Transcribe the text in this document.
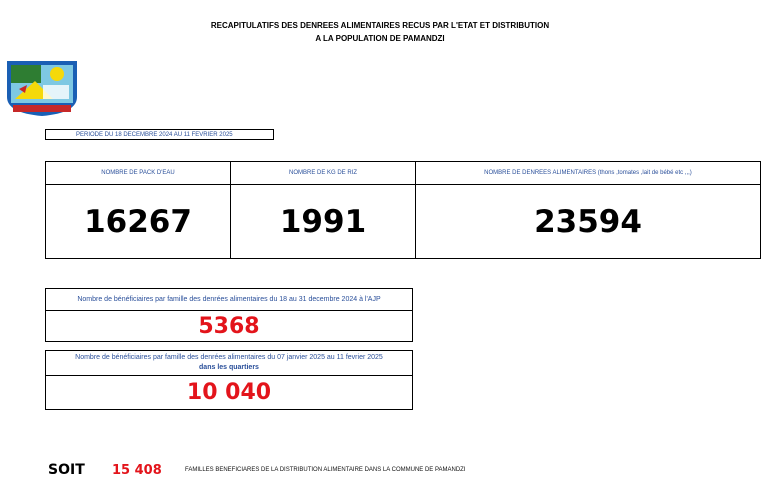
RECAPITULATIFS DES DENREES ALIMENTAIRES RECUS PAR L'ETAT ET DISTRIBUTION
A LA POPULATION DE PAMANDZI
PERIODE DU 18 DECEMBRE 2024 AU 11 FEVRIER 2025
NOMBRE DE PACK D'EAU	NOMBRE DE KG DE RIZ	NOMBRE DE DENREES ALIMENTAIRES (thons ,tomates ,lait de bébé etc ,,,)
16267	1991	23594
Nombre de bénéficiaires par famille des denrées alimentaires du 18 au 31 decembre 2024 à l'AJP
5368
Nombre de bénéficiaires par famille des denrées alimentaires du 07 janvier 2025 au 11 fevrier 2025
dans les quartiers
10 040
SOIT 15 408	FAMILLES BENEFICIARES DE LA DISTRIBUTION ALIMENTAIRE DANS LA COMMUNE DE PAMANDZI
